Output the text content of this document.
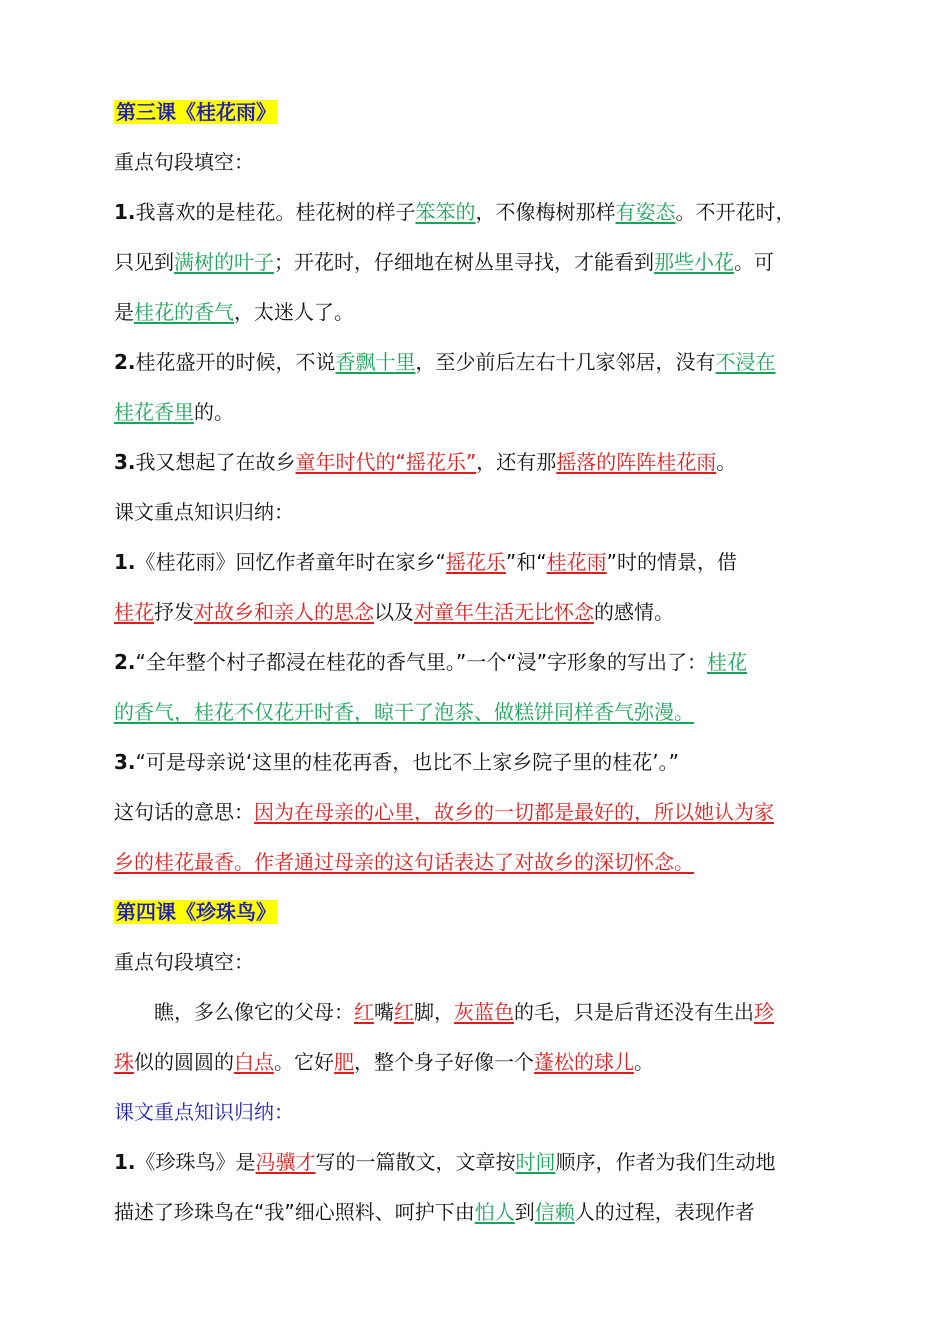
第三课《桂花雨》
重点句段填空：
1.我喜欢的是桂花。桂花树的样子笨笨的，不像梅树那样有姿态。不开花时，
只见到满树的叶子；开花时，仔细地在树丛里寻找，才能看到那些小花。可
是桂花的香气，太迷人了。
2.桂花盛开的时候，不说香飘十里，至少前后左右十几家邻居，没有不浸在
桂花香里的。
3.我又想起了在故乡童年时代的“摇花乐”，还有那摇落的阵阵桂花雨。
课文重点知识归纳：
1.《桂花雨》回忆作者童年时在家乡“摇花乐”和“桂花雨”时的情景，借
桂花抒发对故乡和亲人的思念以及对童年生活无比怀念的感情。
2.“全年整个村子都浸在桂花的香气里。”一个“浸”字形象的写出了：桂花
的香气，桂花不仅花开时香，晾干了泡茶、做糕饼同样香气弥漫。
3.“可是母亲说‘这里的桂花再香，也比不上家乡院子里的桂花’。”
这句话的意思：因为在母亲的心里，故乡的一切都是最好的，所以她认为家
乡的桂花最香。作者通过母亲的这句话表达了对故乡的深切怀念。
第四课《珍珠鸟》
重点句段填空：
瞧，多么像它的父母：红嘴红脚，灰蓝色的毛，只是后背还没有生出珍
珠似的圆圆的白点。它好肥，整个身子好像一个蓬松的球儿。
课文重点知识归纳：
1.《珍珠鸟》是冯骥才写的一篇散文，文章按时间顺序，作者为我们生动地
描述了珍珠鸟在“我”细心照料、呵护下由怕人到信赖人的过程，表现作者
